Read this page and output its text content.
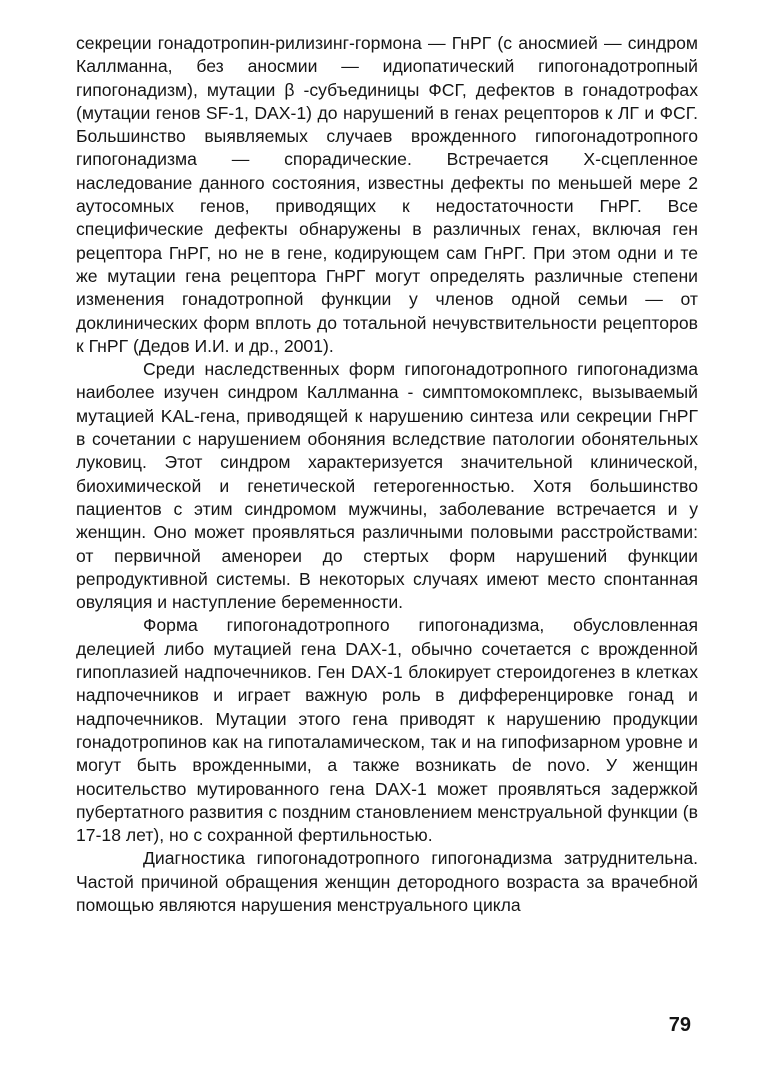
секреции гонадотропин-рилизинг-гормона — ГнРГ (с аносмией — синдром Каллманна, без аносмии — идиопатический гипогонадотропный гипогонадизм), мутации β -субъединицы ФСГ, дефектов в гонадотрофах (мутации генов SF-1, DAX-1) до нарушений в генах рецепторов к ЛГ и ФСГ. Большинство выявляемых случаев врожденного гипогонадотропного гипогонадизма — спорадические. Встречается Х-сцепленное наследование данного состояния, известны дефекты по меньшей мере 2 аутосомных генов, приводящих к недостаточности ГнРГ. Все специфические дефекты обнаружены в различных генах, включая ген рецептора ГнРГ, но не в гене, кодирующем сам ГнРГ. При этом одни и те же мутации гена рецептора ГнРГ могут определять различные степени изменения гонадотропной функции у членов одной семьи — от доклинических форм вплоть до тотальной нечувствительности рецепторов к ГнРГ (Дедов И.И. и др., 2001).

Среди наследственных форм гипогонадотропного гипогонадизма наиболее изучен синдром Каллманна - симптомокомплекс, вызываемый мутацией KAL-гена, приводящей к нарушению синтеза или секреции ГнРГ в сочетании с нарушением обоняния вследствие патологии обонятельных луковиц. Этот синдром характеризуется значительной клинической, биохимической и генетической гетерогенностью. Хотя большинство пациентов с этим синдромом мужчины, заболевание встречается и у женщин. Оно может проявляться различными половыми расстройствами: от первичной аменореи до стертых форм нарушений функции репродуктивной системы. В некоторых случаях имеют место спонтанная овуляция и наступление беременности.

Форма гипогонадотропного гипогонадизма, обусловленная делецией либо мутацией гена DAX-1, обычно сочетается с врожденной гипоплазией надпочечников. Ген DAX-1 блокирует стероидогенез в клетках надпочечников и играет важную роль в дифференцировке гонад и надпочечников. Мутации этого гена приводят к нарушению продукции гонадотропинов как на гипоталамическом, так и на гипофизарном уровне и могут быть врожденными, а также возникать de novo. У женщин носительство мутированного гена DAX-1 может проявляться задержкой пубертатного развития с поздним становлением менструальной функции (в 17-18 лет), но с сохранной фертильностью.

Диагностика гипогонадотропного гипогонадизма затруднительна. Частой причиной обращения женщин детородного возраста за врачебной помощью являются нарушения менструального цикла

79
